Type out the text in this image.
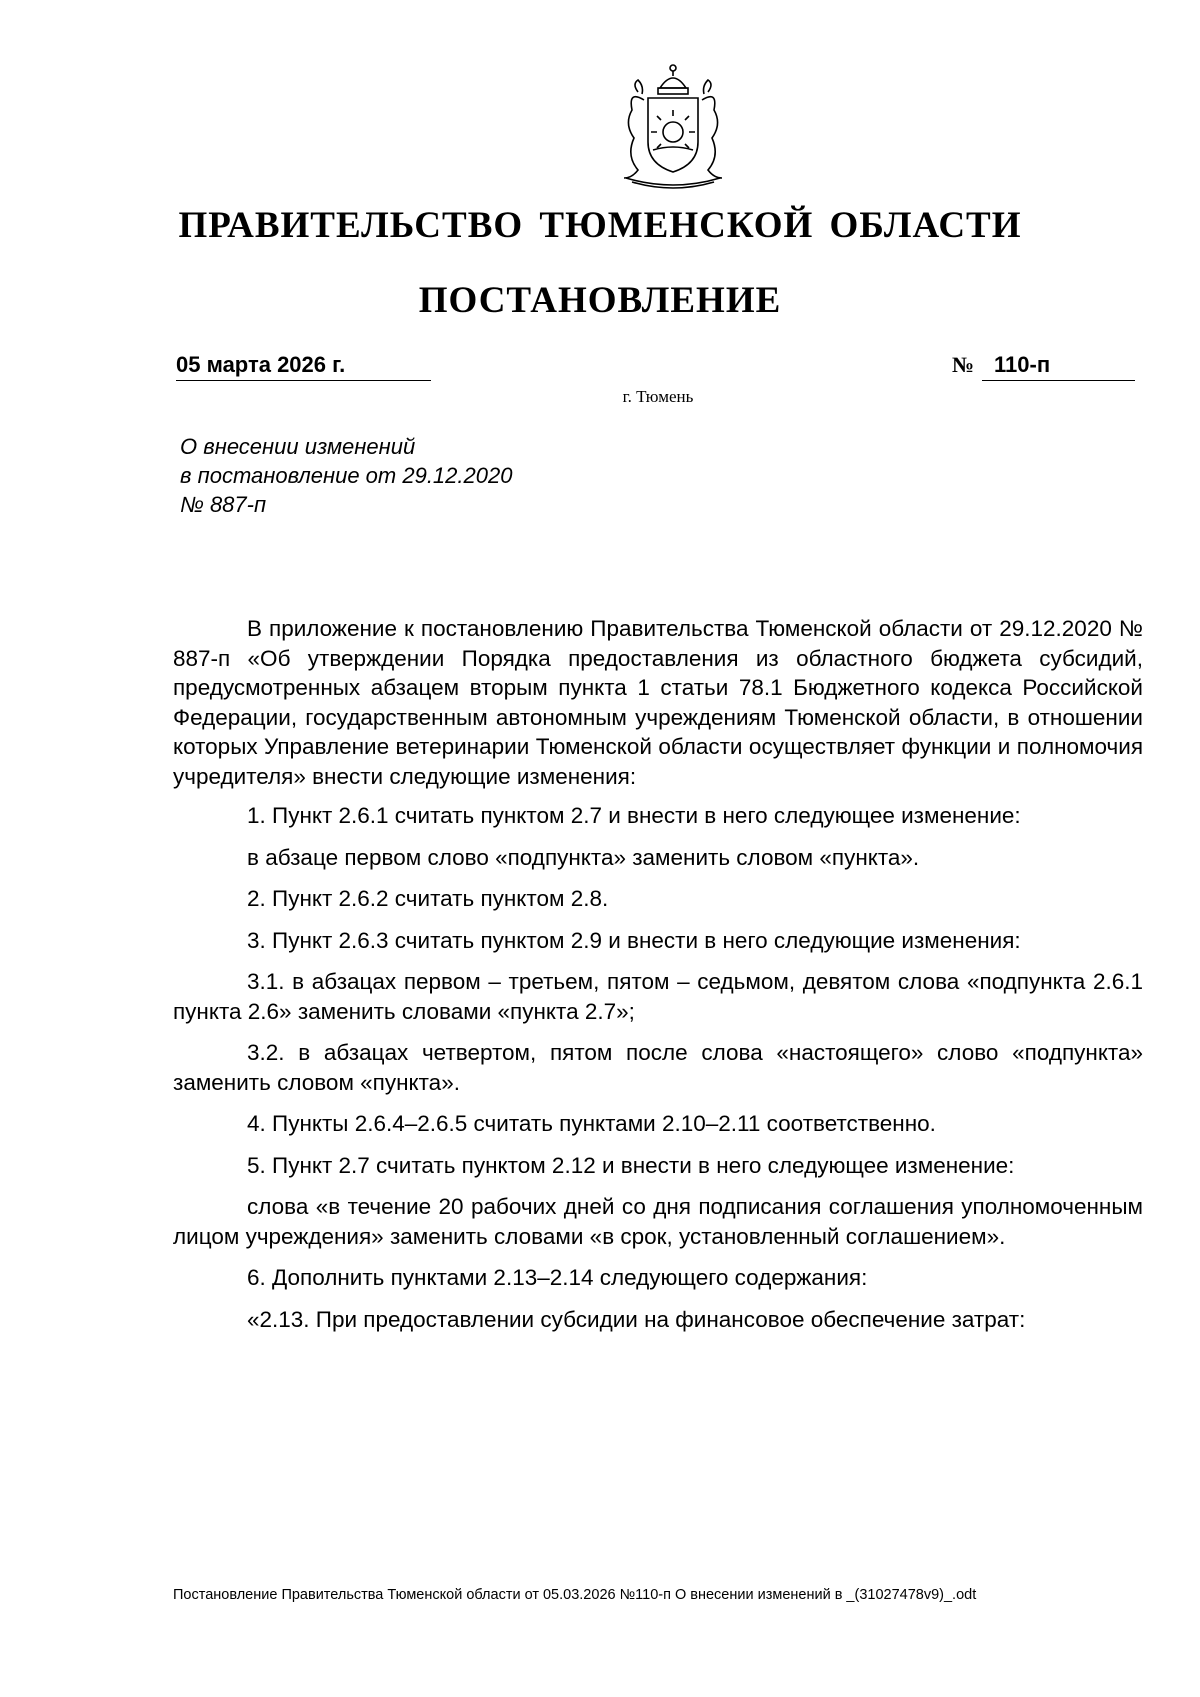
ПРАВИТЕЛЬСТВО ТЮМЕНСКОЙ ОБЛАСТИ
ПОСТАНОВЛЕНИЕ
05 марта 2026 г.	№ 110-п
г. Тюмень
О внесении изменений
в постановление от 29.12.2020
№ 887-п

В приложение к постановлению Правительства Тюменской области от 29.12.2020 № 887-п «Об утверждении Порядка предоставления из областного бюджета субсидий, предусмотренных абзацем вторым пункта 1 статьи 78.1 Бюджетного кодекса Российской Федерации, государственным автономным учреждениям Тюменской области, в отношении которых Управление ветеринарии Тюменской области осуществляет функции и полномочия учредителя» внести следующие изменения:

1. Пункт 2.6.1 считать пунктом 2.7 и внести в него следующее изменение:

в абзаце первом слово «подпункта» заменить словом «пункта».

2. Пункт 2.6.2 считать пунктом 2.8.

3. Пункт 2.6.3 считать пунктом 2.9 и внести в него следующие изменения:

3.1. в абзацах первом – третьем, пятом – седьмом, девятом слова «подпункта 2.6.1 пункта 2.6» заменить словами «пункта 2.7»;

3.2. в абзацах четвертом, пятом после слова «настоящего» слово «подпункта» заменить словом «пункта».

4. Пункты 2.6.4–2.6.5 считать пунктами 2.10–2.11 соответственно.

5. Пункт 2.7 считать пунктом 2.12 и внести в него следующее изменение:

слова «в течение 20 рабочих дней со дня подписания соглашения уполномоченным лицом учреждения» заменить словами «в срок, установленный соглашением».

6. Дополнить пунктами 2.13–2.14 следующего содержания:

«2.13. При предоставлении субсидии на финансовое обеспечение затрат:

Постановление Правительства Тюменской области от 05.03.2026 №110-п О внесении изменений в _(31027478v9)_.odt
